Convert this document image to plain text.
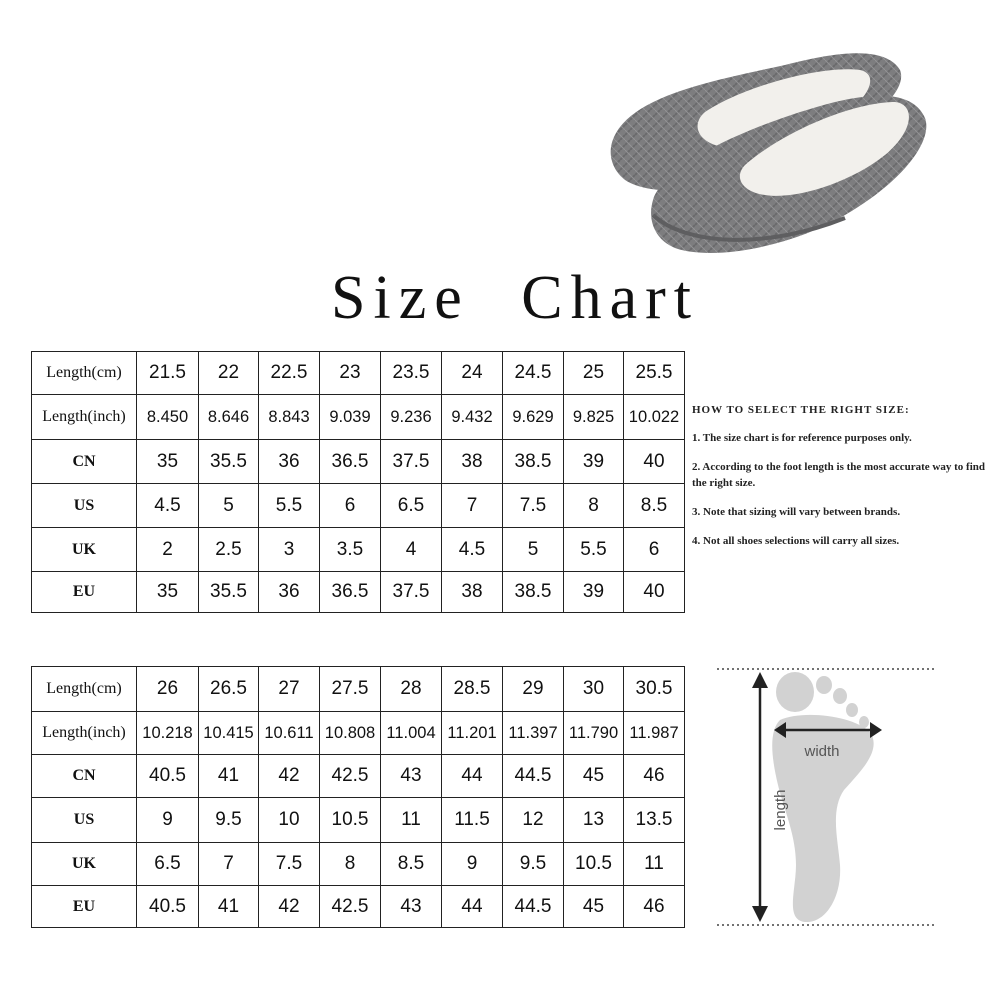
Size Chart
Length(cm)	21.5	22	22.5	23	23.5	24	24.5	25	25.5
Length(inch)	8.450	8.646	8.843	9.039	9.236	9.432	9.629	9.825	10.022
CN	35	35.5	36	36.5	37.5	38	38.5	39	40
US	4.5	5	5.5	6	6.5	7	7.5	8	8.5
UK	2	2.5	3	3.5	4	4.5	5	5.5	6
EU	35	35.5	36	36.5	37.5	38	38.5	39	40
HOW TO SELECT THE RIGHT SIZE:
1. The size chart is for reference purposes only.
2. According to the foot length is the most accurate way to find the right size.
3. Note that sizing will vary between brands.
4. Not all shoes selections will carry all sizes.
Length(cm)	26	26.5	27	27.5	28	28.5	29	30	30.5
Length(inch)	10.218	10.415	10.611	10.808	11.004	11.201	11.397	11.790	11.987
CN	40.5	41	42	42.5	43	44	44.5	45	46
US	9	9.5	10	10.5	11	11.5	12	13	13.5
UK	6.5	7	7.5	8	8.5	9	9.5	10.5	11
EU	40.5	41	42	42.5	43	44	44.5	45	46
width
length
